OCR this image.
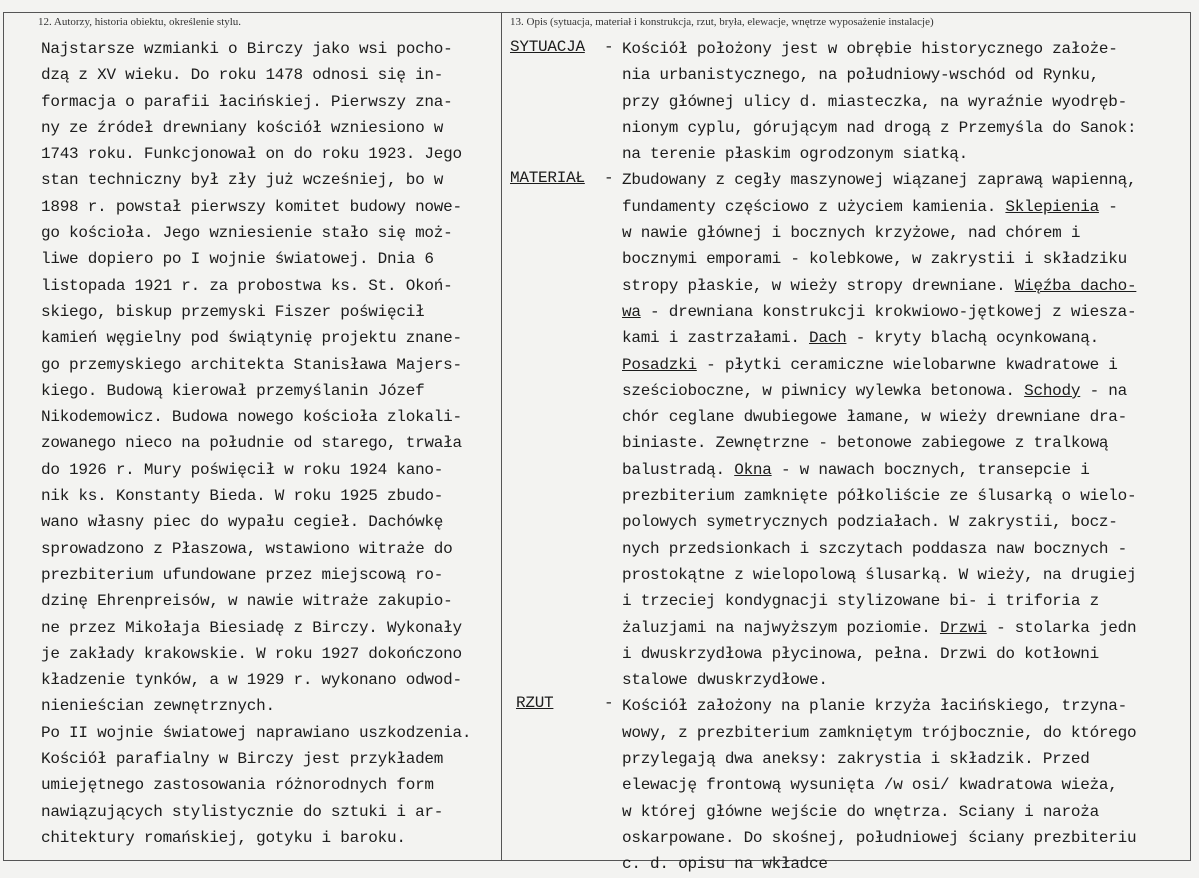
12. Autorzy, historia obiektu, określenie stylu.	13. Opis (sytuacja, materiał i konstrukcja, rzut, bryła, elewacje, wnętrze wyposażenie instalacje)
Najstarsze wzmianki o Birczy jako wsi pocho-
dzą z XV wieku. Do roku 1478 odnosi się in-
formacja o parafii łacińskiej. Pierwszy zna-
ny ze źródeł drewniany kościół wzniesiono w
1743 roku. Funkcjonował on do roku 1923. Jego
stan techniczny był zły już wcześniej, bo w
1898 r. powstał pierwszy komitet budowy nowe-
go kościoła. Jego wzniesienie stało się moż-
liwe dopiero po I wojnie światowej. Dnia 6
listopada 1921 r. za probostwa ks. St. Okoń-
skiego, biskup przemyski Fiszer poświęcił
kamień węgielny pod świątynię projektu znane-
go przemyskiego architekta Stanisława Majers-
kiego. Budową kierował przemyślanin Józef
Nikodemowicz. Budowa nowego kościoła zlokali-
zowanego nieco na południe od starego, trwała
do 1926 r. Mury poświęcił w roku 1924 kano-
nik ks. Konstanty Bieda. W roku 1925 zbudo-
wano własny piec do wypału cegieł. Dachówkę
sprowadzono z Płaszowa, wstawiono witraże do
prezbiterium ufundowane przez miejscową ro-
dzinę Ehrenpreisów, w nawie witraże zakupio-
ne przez Mikołaja Biesiadę z Birczy. Wykonały
je zakłady krakowskie. W roku 1927 dokończono
kładzenie tynków, a w 1929 r. wykonano odwod-
nienieścian zewnętrznych.
Po II wojnie światowej naprawiano uszkodzenia.
Kościół parafialny w Birczy jest przykładem
umiejętnego zastosowania różnorodnych form
nawiązujących stylistycznie do sztuki i ar-
chitektury romańskiej, gotyku i baroku.
SYTUACJA -
MATERIAŁ -
RZUT	-
Kościół położony jest w obrębie historycznego założe-
nia urbanistycznego, na południowy-wschód od Rynku,
przy głównej ulicy d. miasteczka, na wyraźnie wyodręb-
nionym cyplu, górującym nad drogą z Przemyśla do Sanok:
na terenie płaskim ogrodzonym siatką.
Zbudowany z cegły maszynowej wiązanej zaprawą wapienną,
fundamenty częściowo z użyciem kamienia. Sklepienia -
w nawie głównej i bocznych krzyżowe, nad chórem i
bocznymi emporami - kolebkowe, w zakrystii i składziku
stropy płaskie, w wieży stropy drewniane. Więźba dacho-
wa - drewniana konstrukcji krokwiowo-jętkowej z wiesza-
kami i zastrzałami. Dach - kryty blachą ocynkowaną.
Posadzki - płytki ceramiczne wielobarwne kwadratowe i
sześcioboczne, w piwnicy wylewka betonowa. Schody - na
chór ceglane dwubiegowe łamane, w wieży drewniane dra-
biniaste. Zewnętrzne - betonowe zabiegowe z tralkową
balustradą. Okna - w nawach bocznych, transepcie i
prezbiterium zamknięte półkoliście ze ślusarką o wielo-
polowych symetrycznych podziałach. W zakrystii, bocz-
nych przedsionkach i szczytach poddasza naw bocznych -
prostokątne z wielopolową ślusarką. W wieży, na drugiej
i trzeciej kondygnacji stylizowane bi- i triforia z
żaluzjami na najwyższym poziomie. Drzwi - stolarka jedn
i dwuskrzydłowa płycinowa, pełna. Drzwi do kotłowni
stalowe dwuskrzydłowe.
Kościół założony na planie krzyża łacińskiego, trzyna-
wowy, z prezbiterium zamkniętym trójbocznie, do którego
przylegają dwa aneksy: zakrystia i składzik. Przed
elewację frontową wysunięta /w osi/ kwadratowa wieża,
w której główne wejście do wnętrza. Sciany i naroża
oskarpowane. Do skośnej, południowej ściany prezbiteriu
c. d. opisu na wkładce
